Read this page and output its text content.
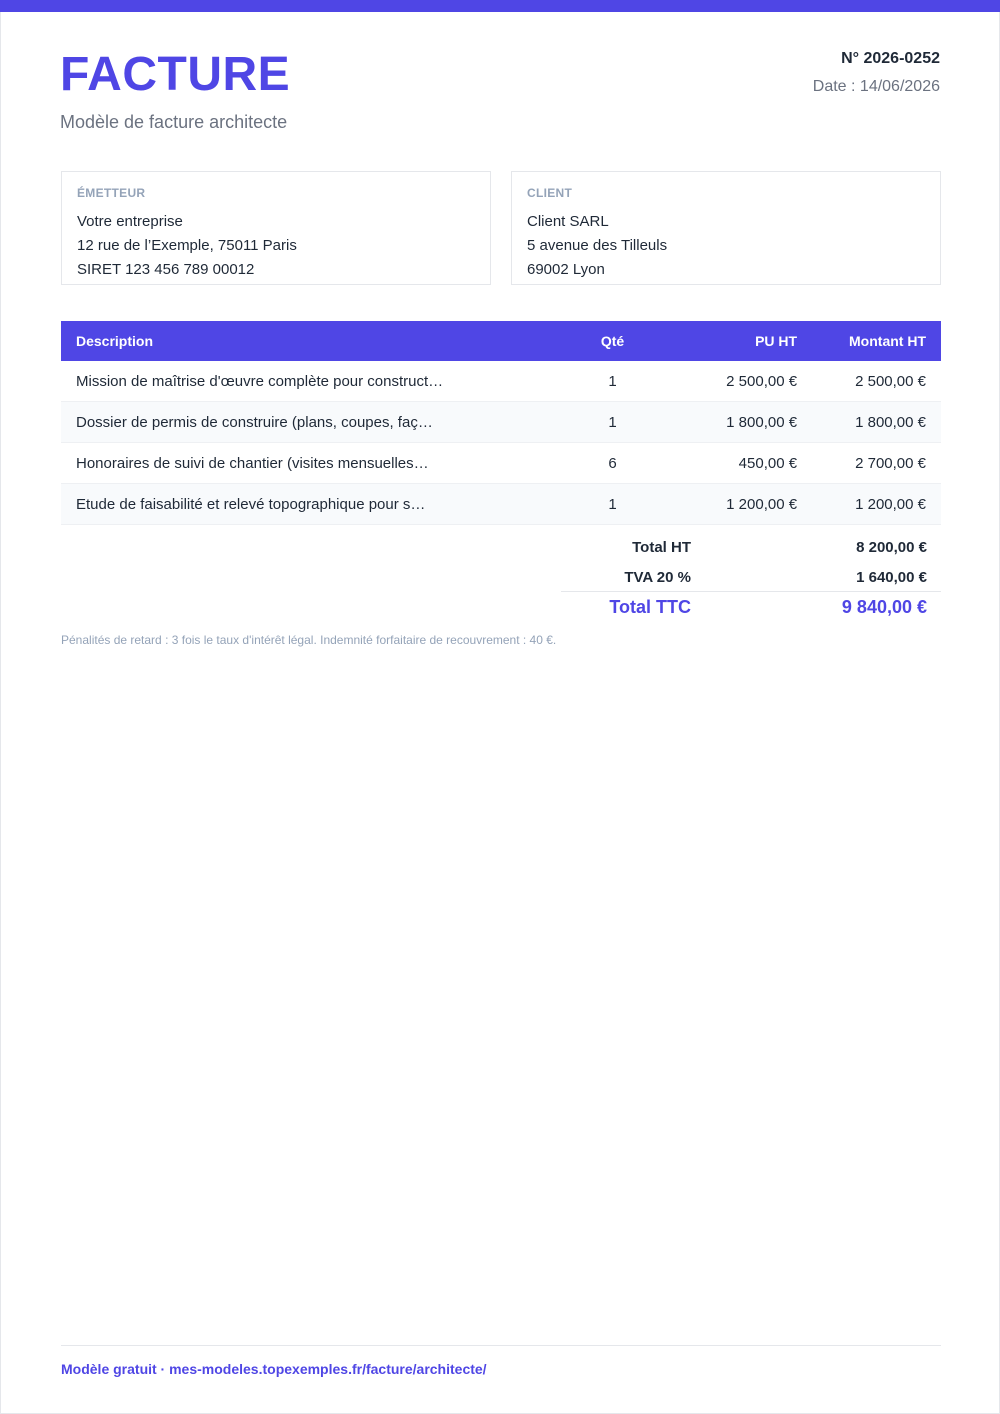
FACTURE
Modèle de facture architecte
N° 2026-0252
Date : 14/06/2026
ÉMETTEUR
Votre entreprise
12 rue de l’Exemple, 75011 Paris
SIRET 123 456 789 00012
CLIENT
Client SARL
5 avenue des Tilleuls
69002 Lyon
Description	Qté	PU HT	Montant HT
Mission de maîtrise d'œuvre complète pour construct…	1	2 500,00 €	2 500,00 €
Dossier de permis de construire (plans, coupes, faç…	1	1 800,00 €	1 800,00 €
Honoraires de suivi de chantier (visites mensuelles…	6	450,00 €	2 700,00 €
Etude de faisabilité et relevé topographique pour s…	1	1 200,00 €	1 200,00 €
Total HT	8 200,00 €
TVA 20 %	1 640,00 €
Total TTC	9 840,00 €
Pénalités de retard : 3 fois le taux d'intérêt légal. Indemnité forfaitaire de recouvrement : 40 €.
Modèle gratuit · mes-modeles.topexemples.fr/facture/architecte/
